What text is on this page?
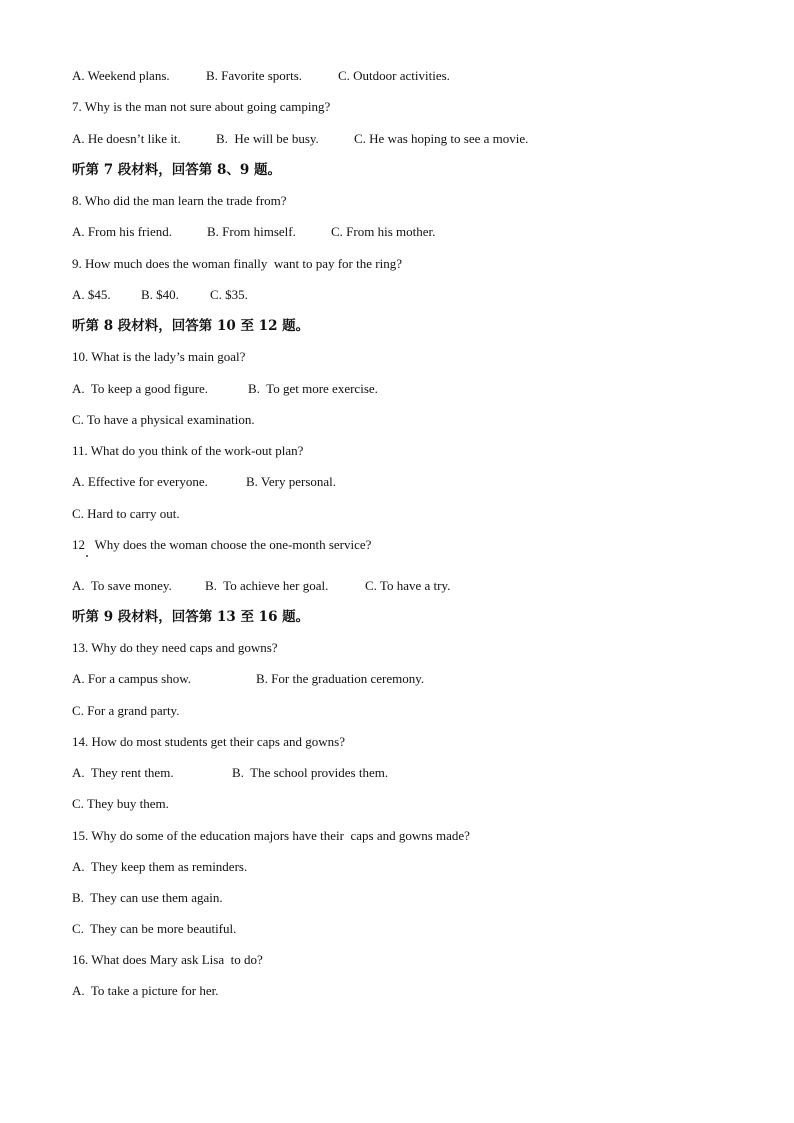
A. Weekend plans.	B. Favorite sports.	C. Outdoor activities.
7. Why is the man not sure about going camping?
A. He doesn’t like it.	B.  He will be busy.	C. He was hoping to see a movie.
听第 7 段材料，回答第 8、9 题。
8. Who did the man learn the trade from?
A. From his friend.	B. From himself.	C. From his mother.
9. How much does the woman finally  want to pay for the ring?
A. $45. B. $40. C. $35.
听第 8 段材料，回答第 10 至 12 题。
10. What is the lady’s main goal?
A.  To keep a good figure.	B.  To get more exercise.
C. To have a physical examination.
11. What do you think of the work-out plan?
A. Effective for everyone.	B. Very personal.
C. Hard to carry out.
12   Why does the woman choose the one-month service?
A.  To save money.	B.  To achieve her goal.	C. To have a try.
听第 9 段材料，回答第 13 至 16 题。
13. Why do they need caps and gowns?
A. For a campus show.	B. For the graduation ceremony.
C. For a grand party.
14. How do most students get their caps and gowns?
A.  They rent them.	B.  The school provides them.
C. They buy them.
15. Why do some of the education majors have their  caps and gowns made?
A.  They keep them as reminders.
B.  They can use them again.
C.  They can be more beautiful.
16. What does Mary ask Lisa  to do?
A.  To take a picture for her.
